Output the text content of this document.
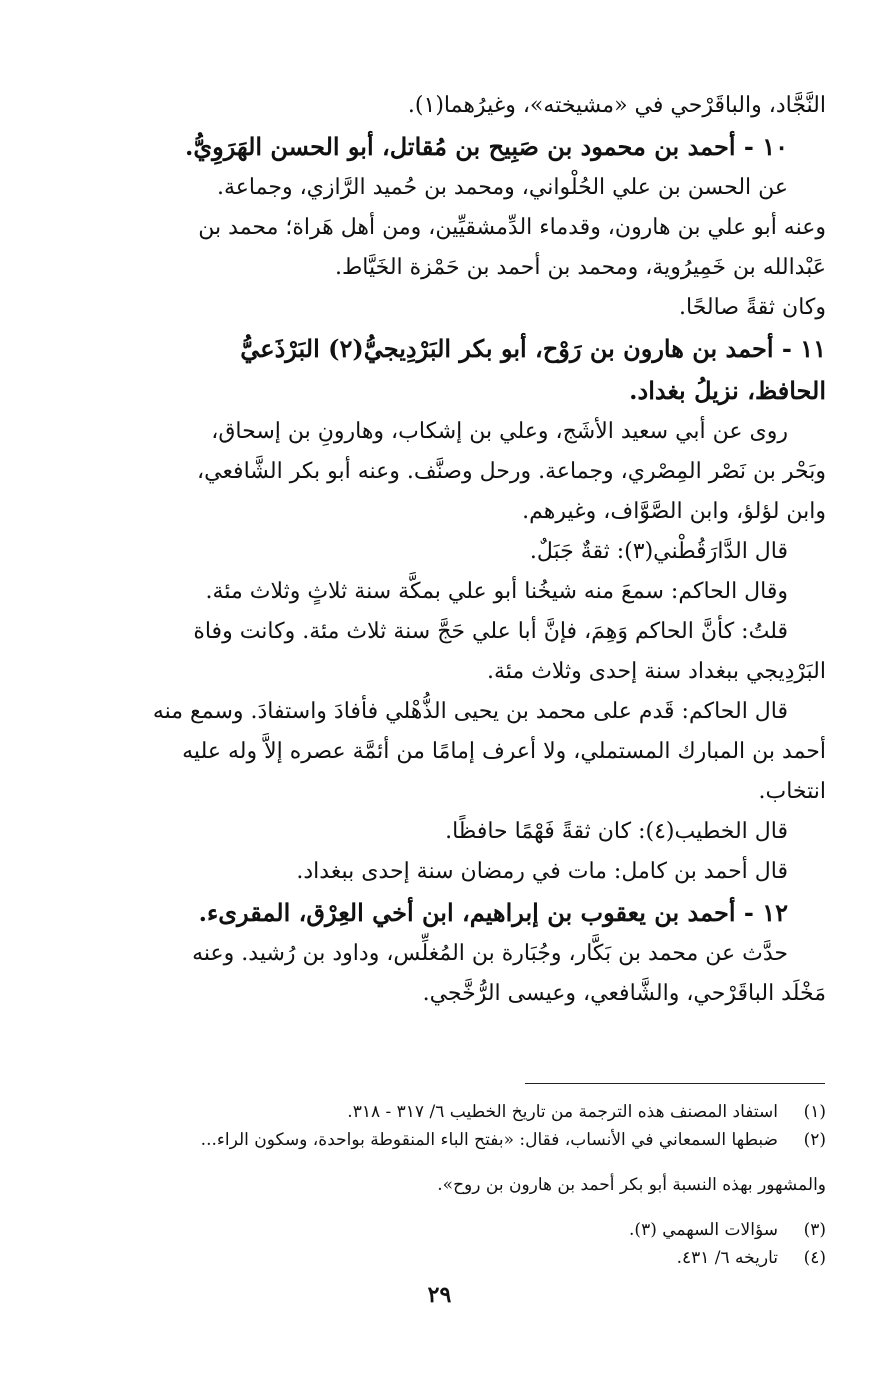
النَّجَّاد، والباقَرْحي في «مشيخته»، وغيرُهما(١).

١٠ - أحمد بن محمود بن صَبِيح بن مُقاتل، أبو الحسن الهَرَوِيُّ.

عن الحسن بن علي الحُلْواني، ومحمد بن حُميد الرَّازي، وجماعة.

وعنه أبو علي بن هارون، وقدماء الدِّمشقيِّين، ومن أهل هَراة؛ محمد بن

عَبْدالله بن خَمِيرُوية، ومحمد بن أحمد بن حَمْزة الخَيَّاط.

وكان ثقةً صالحًا.

١١ - أحمد بن هارون بن رَوْح، أبو بكر البَرْدِيجيُّ(٢) البَرْذَعيُّ

الحافظ، نزيلُ بغداد.

روى عن أبي سعيد الأشَج، وعلي بن إشكاب، وهارونِ بن إسحاق،

وبَحْر بن نَصْر المِصْري، وجماعة. ورحل وصنَّف. وعنه أبو بكر الشَّافعي،

وابن لؤلؤ، وابن الصَّوَّاف، وغيرهم.

قال الدَّارَقُطْني(٣): ثقةٌ جَبَلٌ.

وقال الحاكم: سمعَ منه شيخُنا أبو علي بمكَّة سنة ثلاثٍ وثلاث مئة.

قلتُ: كأنَّ الحاكم وَهِمَ، فإنَّ أبا علي حَجَّ سنة ثلاث مئة. وكانت وفاة

البَرْدِيجي ببغداد سنة إحدى وثلاث مئة.

قال الحاكم: قَدم على محمد بن يحيى الذُّهْلي فأفادَ واستفادَ. وسمع منه

أحمد بن المبارك المستملي، ولا أعرف إمامًا من أئمَّة عصره إلاَّ وله عليه

انتخاب.

قال الخطيب(٤): كان ثقةً فَهْمًا حافظًا.

قال أحمد بن كامل: مات في رمضان سنة إحدى ببغداد.

١٢ - أحمد بن يعقوب بن إبراهيم، ابن أخي العِرْق، المقرىء.

حدَّث عن محمد بن بَكَّار، وجُبَارة بن المُغلِّس، وداود بن رُشيد. وعنه

مَخْلَد الباقَرْحي، والشَّافعي، وعيسى الرُّخَّجي.

(١)
استفاد المصنف هذه الترجمة من تاريخ الخطيب ٦/ ٣١٧ - ٣١٨.

(٢)
ضبطها السمعاني في الأنساب، فقال: «بفتح الباء المنقوطة بواحدة، وسكون الراء...

والمشهور بهذه النسبة أبو بكر أحمد بن هارون بن روح».

(٣)
سؤالات السهمي (٣).

(٤)
تاريخه ٦/ ٤٣١.

٢٩
